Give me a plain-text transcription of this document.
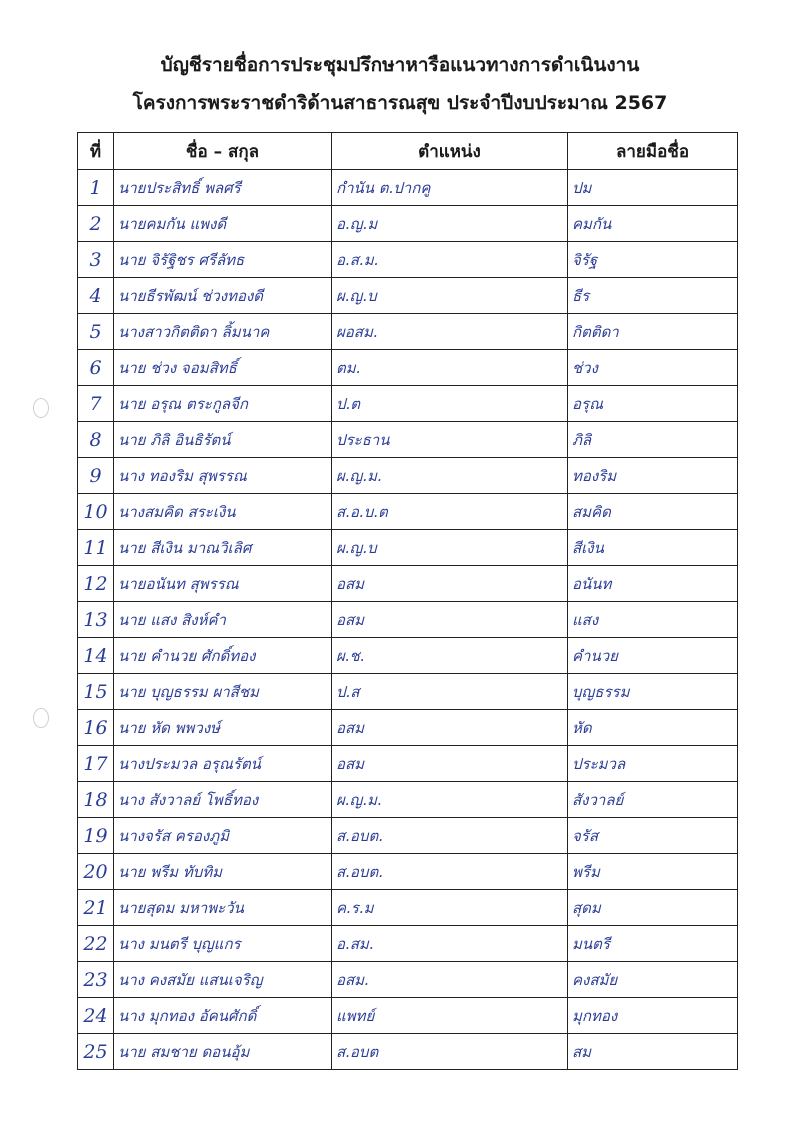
บัญชีรายชื่อการประชุมปรึกษาหารือแนวทางการดำเนินงาน
โครงการพระราชดำริด้านสาธารณสุข ประจำปีงบประมาณ 2567
ที่	ชื่อ – สกุล	ตำแหน่ง	ลายมือชื่อ
1	นายประสิทธิ์ พลศรี	กำนัน ต.ปากคู	ปม
2	นายคมกัน แพงดี	อ.ญ.ม	คมกัน
3	นาย จิรัฐิชร ศรีลัทธ	อ.ส.ม.	จิรัฐ
4	นายธีรพัฒน์ ช่วงทองดี	ผ.ญ.บ	ธีร
5	นางสาวกิตติดา ลิ้มนาค	ผอสม.	กิตติดา
6	นาย ช่วง จอมสิทธิ์	ตม.	ช่วง
7	นาย อรุณ ตระกูลจีก	ป.ต	อรุณ
8	นาย ภิลิ อินธิรัตน์	ประธาน	ภิลิ
9	นาง ทองริม สุพรรณ	ผ.ญ.ม.	ทองริม
10	นางสมคิด สระเงิน	ส.อ.บ.ต	สมคิด
11	นาย สีเงิน มาณวิเลิศ	ผ.ญ.บ	สีเงิน
12	นายอนันท สุพรรณ	อสม	อนันท
13	นาย แสง สิงห์คำ	อสม	แสง
14	นาย คำนวย ศักดิ์ทอง	ผ.ช.	คำนวย
15	นาย บุญธรรม ผาสีชม	ป.ส	บุญธรรม
16	นาย หัด พพวงษ์	อสม	หัด
17	นางประมวล อรุณรัตน์	อสม	ประมวล
18	นาง สังวาลย์ โพธิ์ทอง	ผ.ญ.ม.	สังวาลย์
19	นางจรัส ครองภูมิ	ส.อบต.	จรัส
20	นาย พรีม ทับทิม	ส.อบต.	พรีม
21	นายสุดม มหาพะวัน	ค.ร.ม	สุดม
22	นาง มนตรี บุญแกร	อ.สม.	มนตรี
23	นาง คงสมัย แสนเจริญ	อสม.	คงสมัย
24	นาง มุกทอง อัคนศักดิ์	แพทย์	มุกทอง
25	นาย สมชาย ดอนอุ้ม	ส.อบต	สม
